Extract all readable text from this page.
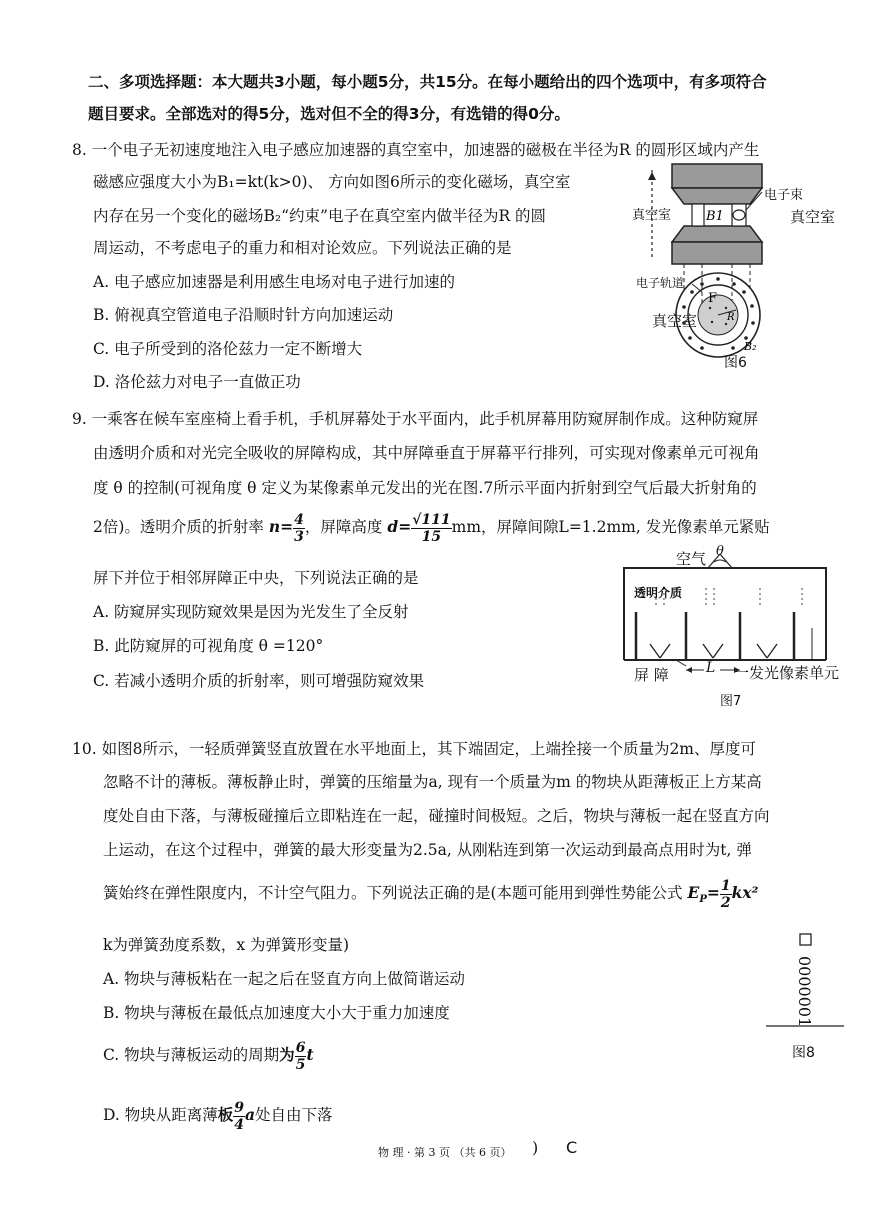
二、多项选择题：本大题共3小题，每小题5分，共15分。在每小题给出的四个选项中，有多项符合
题目要求。全部选对的得5分，选对但不全的得3分，有选错的得0分。
8. 一个电子无初速度地注入电子感应加速器的真空室中，加速器的磁极在半径为R 的圆形区域内产生
磁感应强度大小为B₁=kt(k>0)、 方向如图6所示的变化磁场，真空室
内存在另一个变化的磁场B₂“约束”电子在真空室内做半径为R 的圆
周运动，不考虑电子的重力和相对论效应。下列说法正确的是
A. 电子感应加速器是利用感生电场对电子进行加速的
B. 俯视真空管道电子沿顺时针方向加速运动
C. 电子所受到的洛伦兹力一定不断增大
D. 洛伦兹力对电子一直做正功
B₂
F
R
B1
电子束
真空室	真空室
电子轨道
真空室
图6
9. 一乘客在候车室座椅上看手机，手机屏幕处于水平面内，此手机屏幕用防窥屏制作成。这种防窥屏
由透明介质和对光完全吸收的屏障构成，其中屏障垂直于屏幕平行排列，可实现对像素单元可视角
度 θ 的控制(可视角度 θ 定义为某像素单元发出的光在图.7所示平面内折射到空气后最大折射角的
2倍)。透明介质的折射率 $n= \frac{4}{3}$ ，屏障高度 $d= \frac{√111}{15}$ mm，屏障间隙L=1.2mm, 发光像素单元紧贴
屏下并位于相邻屏障正中央，下列说法正确的是
A. 防窥屏实现防窥效果是因为光发生了全反射
B. 此防窥屏的可视角度 θ =120°
C. 若减小透明介质的折射率，则可增强防窥效果
空气 θ
透明介质
屏 障	L 一发光像素单元
图7
10. 如图8所示，一轻质弹簧竖直放置在水平地面上，其下端固定，上端拴接一个质量为2m、厚度可
忽略不计的薄板。薄板静止时，弹簧的压缩量为a, 现有一个质量为m 的物块从距薄板正上方某高
度处自由下落，与薄板碰撞后立即粘连在一起，碰撞时间极短。之后，物块与薄板一起在竖直方向
上运动，在这个过程中，弹簧的最大形变量为2.5a, 从刚粘连到第一次运动到最高点用时为t, 弹
簧始终在弹性限度内，不计空气阻力。下列说法正确的是(本题可能用到弹性势能公式 $E_P= \frac{1}{2} kx^2$
k为弹簧劲度系数，x 为弹簧形变量)
A. 物块与薄板粘在一起之后在竖直方向上做简谐运动
B. 物块与薄板在最低点加速度大小大于重力加速度
C. 物块与薄板运动的周期为 $\frac{6}{5}$ t
D. 物块从距离薄板 $\frac{9}{4}$ a处自由下落
0000001
图8
物 理 · 第 3 页 （共 6 页） ) C
